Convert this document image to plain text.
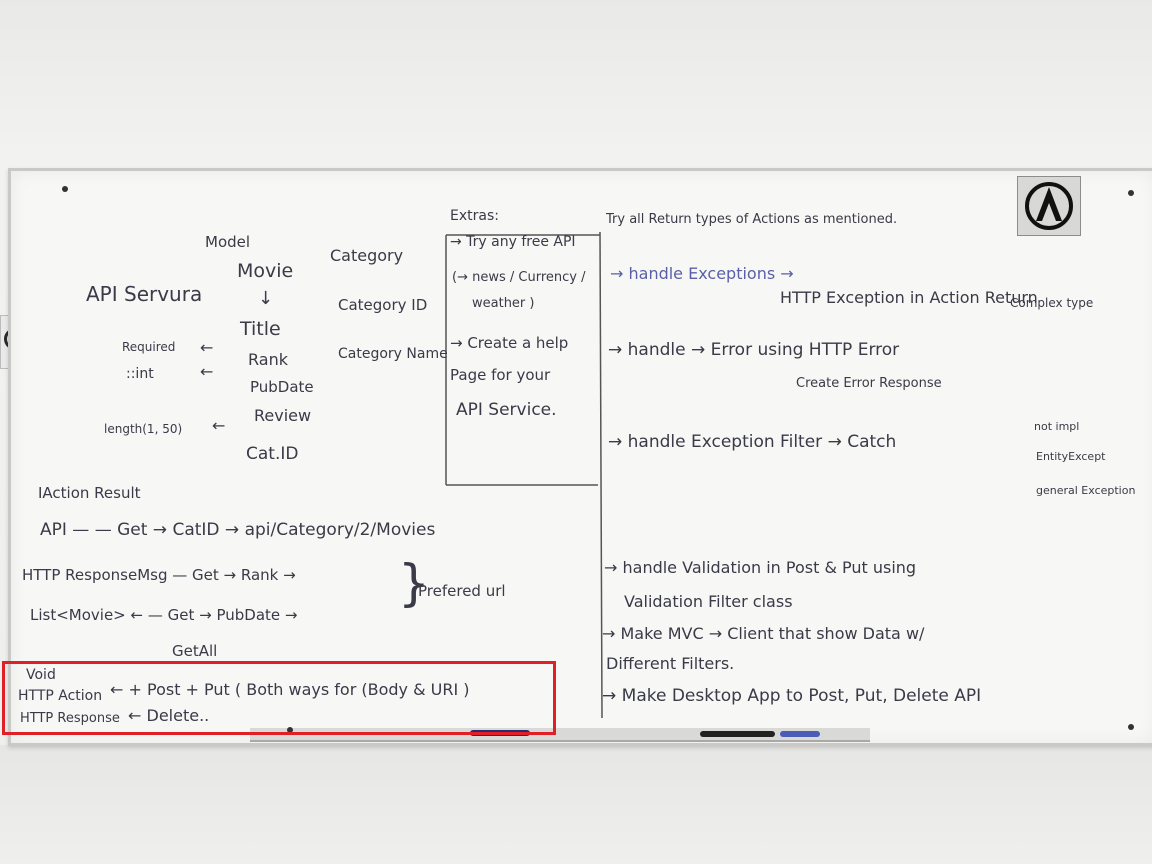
Model
API Servura
Movie
↓
Title
Required ←
Rank
::int	←
PubDate
Review
length(1, 50) ←
Cat.ID
Category
Category ID
Category Name
IAction Result
API — — Get → CatID → api/Category/2/Movies
HTTP ResponseMsg — Get → Rank →
List<Movie> ← — Get → PubDate →
}
Prefered url
GetAll
Extras:
→ Try any free API
(→ news / Currency /
weather )
→ Create a help
Page for your
API Service.
Try all Return types of Actions as mentioned.
→ handle Exceptions →
HTTP Exception in Action Return
Complex type
→ handle → Error using HTTP Error
Create Error Response
→ handle Exception Filter → Catch
not impl
EntityExcept
general Exception
→ handle Validation in Post & Put using
Validation Filter class
→ Make MVC → Client that show Data w/
Different Filters.
→ Make Desktop App to Post, Put, Delete API
Void
HTTP Action
HTTP Response
← + Post + Put ( Both ways for (Body & URI )
← Delete..
